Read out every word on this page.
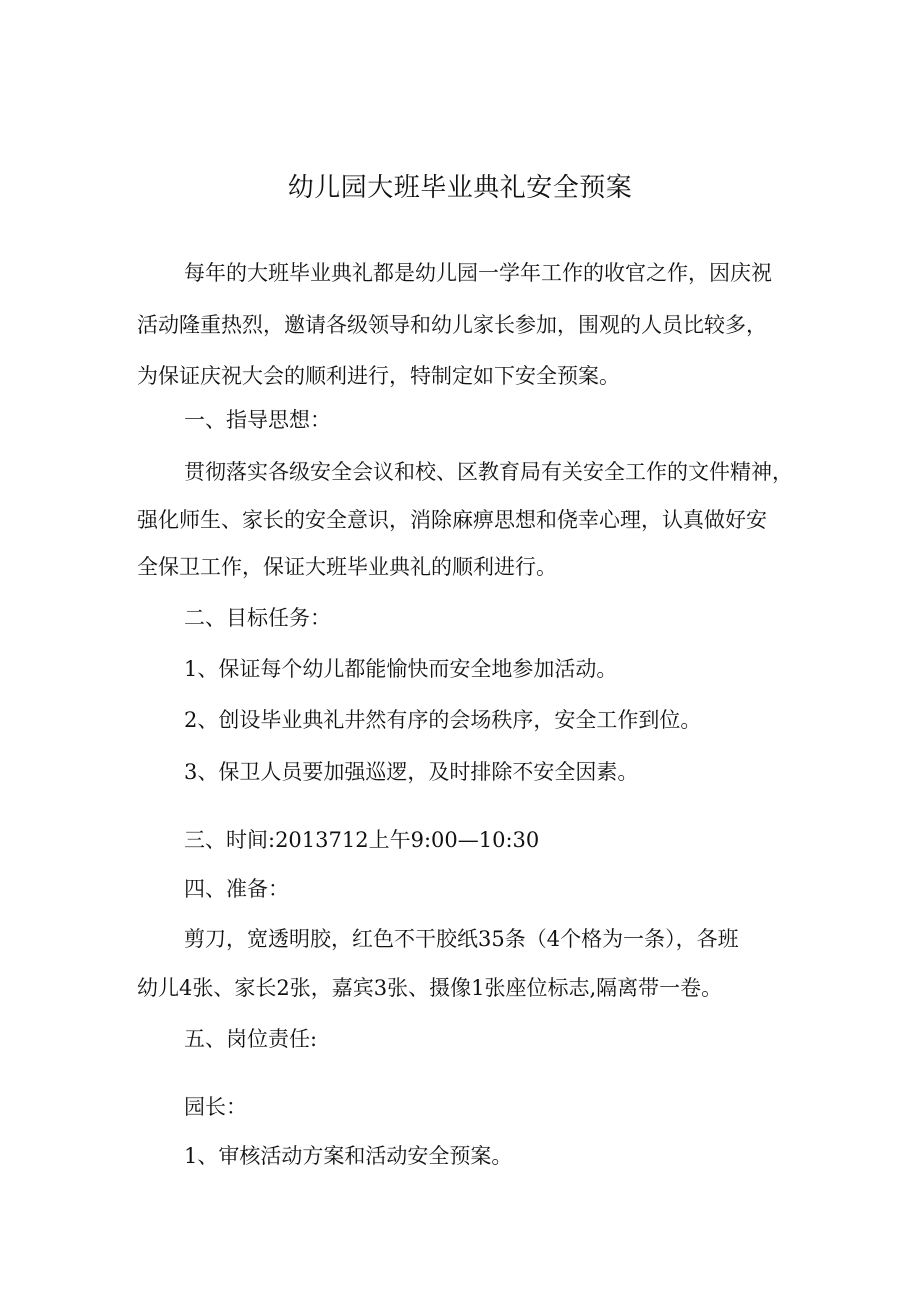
幼儿园大班毕业典礼安全预案
每年的大班毕业典礼都是幼儿园一学年工作的收官之作，因庆祝
活动隆重热烈，邀请各级领导和幼儿家长参加，围观的人员比较多，
为保证庆祝大会的顺利进行，特制定如下安全预案。
一、指导思想：
贯彻落实各级安全会议和校、区教育局有关安全工作的文件精神，
强化师生、家长的安全意识，消除麻痹思想和侥幸心理，认真做好安
全保卫工作，保证大班毕业典礼的顺利进行。
二、目标任务：
1、保证每个幼儿都能愉快而安全地参加活动。
2、创设毕业典礼井然有序的会场秩序，安全工作到位。
3、保卫人员要加强巡逻，及时排除不安全因素。
三、时间:2013712上午9:00—10:30
四、准备：
剪刀，宽透明胶，红色不干胶纸35条（4个格为一条），各班
幼儿4张、家长2张，嘉宾3张、摄像1张座位标志,隔离带一卷。
五、岗位责任:
园长：
1、审核活动方案和活动安全预案。
